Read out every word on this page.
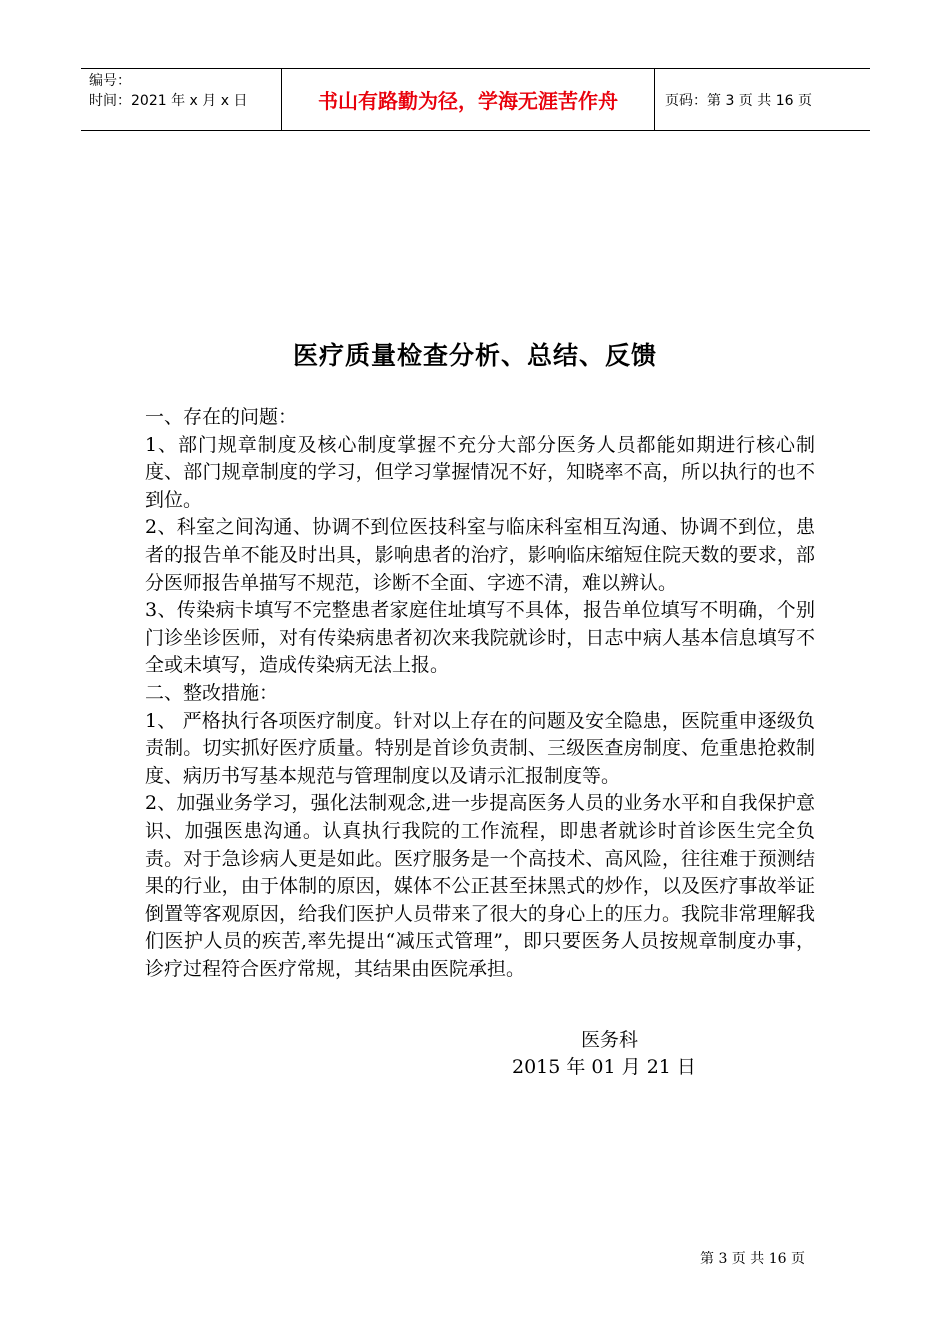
编号：
时间：2021 年 x 月 x 日	书山有路勤为径，学海无涯苦作舟	页码：第 3 页 共 16 页
医疗质量检查分析、总结、反馈

一、存在的问题：

1、部门规章制度及核心制度掌握不充分大部分医务人员都能如期进行核心制度、部门规章制度的学习，但学习掌握情况不好，知晓率不高，所以执行的也不到位。

2、科室之间沟通、协调不到位医技科室与临床科室相互沟通、协调不到位，患者的报告单不能及时出具，影响患者的治疗，影响临床缩短住院天数的要求，部分医师报告单描写不规范，诊断不全面、字迹不清，难以辨认。

3、传染病卡填写不完整患者家庭住址填写不具体，报告单位填写不明确，个别门诊坐诊医师，对有传染病患者初次来我院就诊时，日志中病人基本信息填写不全或未填写，造成传染病无法上报。

二、整改措施：

1、 严格执行各项医疗制度。针对以上存在的问题及安全隐患，医院重申逐级负责制。切实抓好医疗质量。特别是首诊负责制、三级医查房制度、危重患抢救制度、病历书写基本规范与管理制度以及请示汇报制度等。

2、加强业务学习，强化法制观念,进一步提高医务人员的业务水平和自我保护意识、加强医患沟通。认真执行我院的工作流程，即患者就诊时首诊医生完全负责。对于急诊病人更是如此。医疗服务是一个高技术、高风险，往往难于预测结果的行业，由于体制的原因，媒体不公正甚至抹黑式的炒作，以及医疗事故举证倒置等客观原因，给我们医护人员带来了很大的身心上的压力。我院非常理解我们医护人员的疾苦,率先提出“减压式管理”，即只要医务人员按规章制度办事，诊疗过程符合医疗常规，其结果由医院承担。

医务科
2015 年 01 月 21 日
第 3 页 共 16 页
